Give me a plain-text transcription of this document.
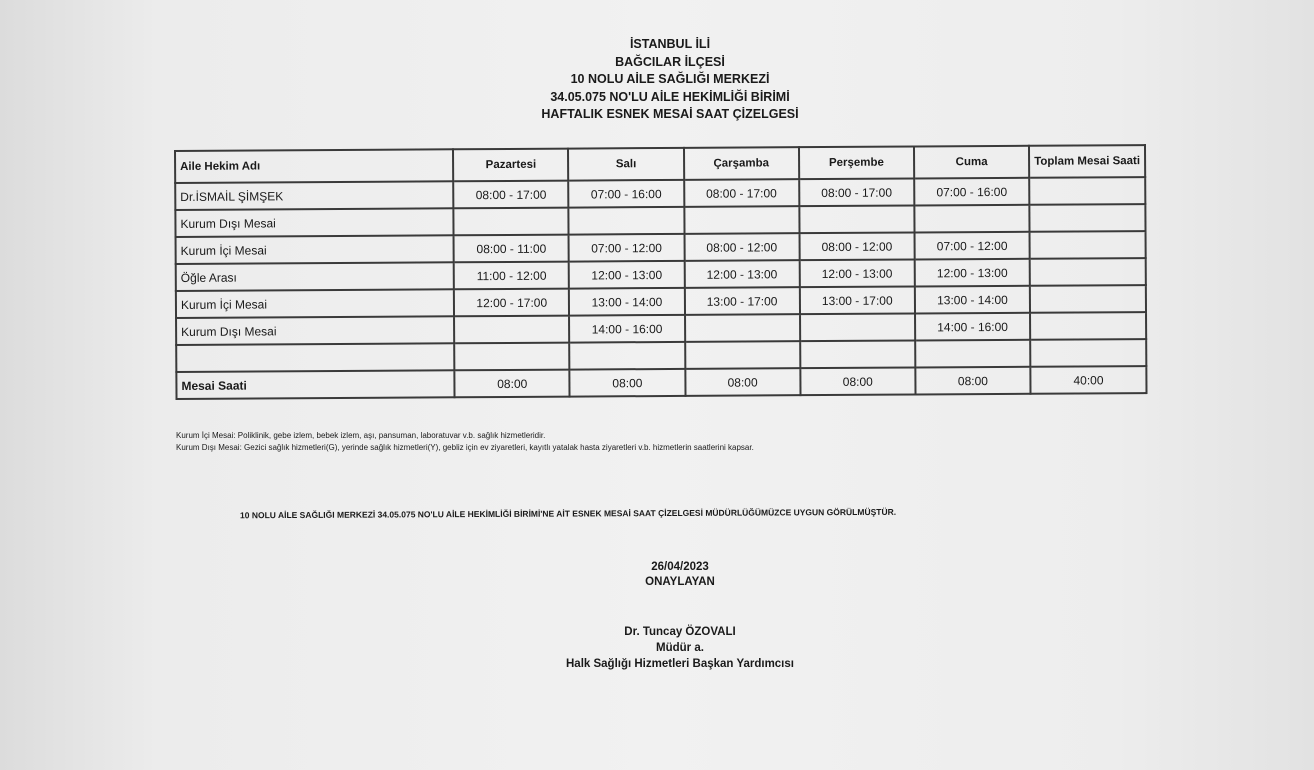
İSTANBUL İLİ
BAĞCILAR İLÇESİ
10 NOLU AİLE SAĞLIĞI MERKEZİ
34.05.075 NO'LU AİLE HEKİMLİĞİ BİRİMİ
HAFTALIK ESNEK MESAİ SAAT ÇİZELGESİ
Aile Hekim Adı	Pazartesi	Salı	Çarşamba	Perşembe	Cuma	Toplam Mesai Saati
Dr.İSMAİL ŞİMŞEK	08:00 - 17:00	07:00 - 16:00	08:00 - 17:00	08:00 - 17:00	07:00 - 16:00	
Kurum Dışı Mesai						
Kurum İçi Mesai	08:00 - 11:00	07:00 - 12:00	08:00 - 12:00	08:00 - 12:00	07:00 - 12:00	
Öğle Arası	11:00 - 12:00	12:00 - 13:00	12:00 - 13:00	12:00 - 13:00	12:00 - 13:00	
Kurum İçi Mesai	12:00 - 17:00	13:00 - 14:00	13:00 - 17:00	13:00 - 17:00	13:00 - 14:00	
Kurum Dışı Mesai		14:00 - 16:00			14:00 - 16:00	

Mesai Saati	08:00	08:00	08:00	08:00	08:00	40:00
Kurum İçi Mesai: Poliklinik, gebe izlem, bebek izlem, aşı, pansuman, laboratuvar v.b. sağlık hizmetleridir.
Kurum Dışı Mesai: Gezici sağlık hizmetleri(G), yerinde sağlık hizmetleri(Y), gebliz için ev ziyaretleri, kayıtlı yatalak hasta ziyaretleri v.b. hizmetlerin saatlerini kapsar.
10 NOLU AİLE SAĞLIĞI MERKEZİ 34.05.075 NO'LU AİLE HEKİMLİĞİ BİRİMİ'NE AİT ESNEK MESAİ SAAT ÇİZELGESİ MÜDÜRLÜĞÜMÜZCE UYGUN GÖRÜLMÜŞTÜR.
26/04/2023
ONAYLAYAN
Dr. Tuncay ÖZOVALI
Müdür a.
Halk Sağlığı Hizmetleri Başkan Yardımcısı
